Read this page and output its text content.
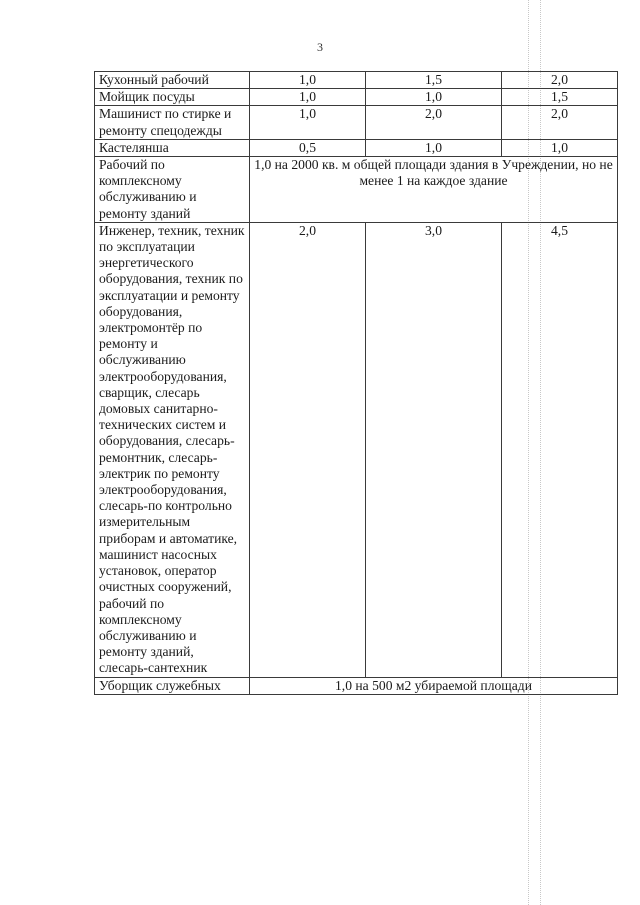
3
Кухонный рабочий	1,0	1,5	2,0
Мойщик посуды	1,0	1,0	1,5
Машинист по стирке и ремонту спецодежды	1,0	2,0	2,0
Кастелянша	0,5	1,0	1,0
Рабочий по комплексному обслуживанию и ремонту зданий	1,0 на 2000 кв. м общей площади здания в Учреждении, но не менее 1 на каждое здание		
Инженер, техник, техник по эксплуатации энергетического оборудования, техник по эксплуатации и ремонту оборудования, электромонтёр по ремонту и обслуживанию электрооборудования, сварщик, слесарь домовых санитарно-технических систем и оборудования, слесарь-ремонтник, слесарь-электрик по ремонту электрооборудования, слесарь-по контрольно измерительным приборам и автоматике, машинист насосных установок, оператор очистных сооружений, рабочий по комплексному обслуживанию и ремонту зданий, слесарь-сантехник	2,0	3,0	4,5
Уборщик служебных	1,0 на 500 м2 убираемой площади		
